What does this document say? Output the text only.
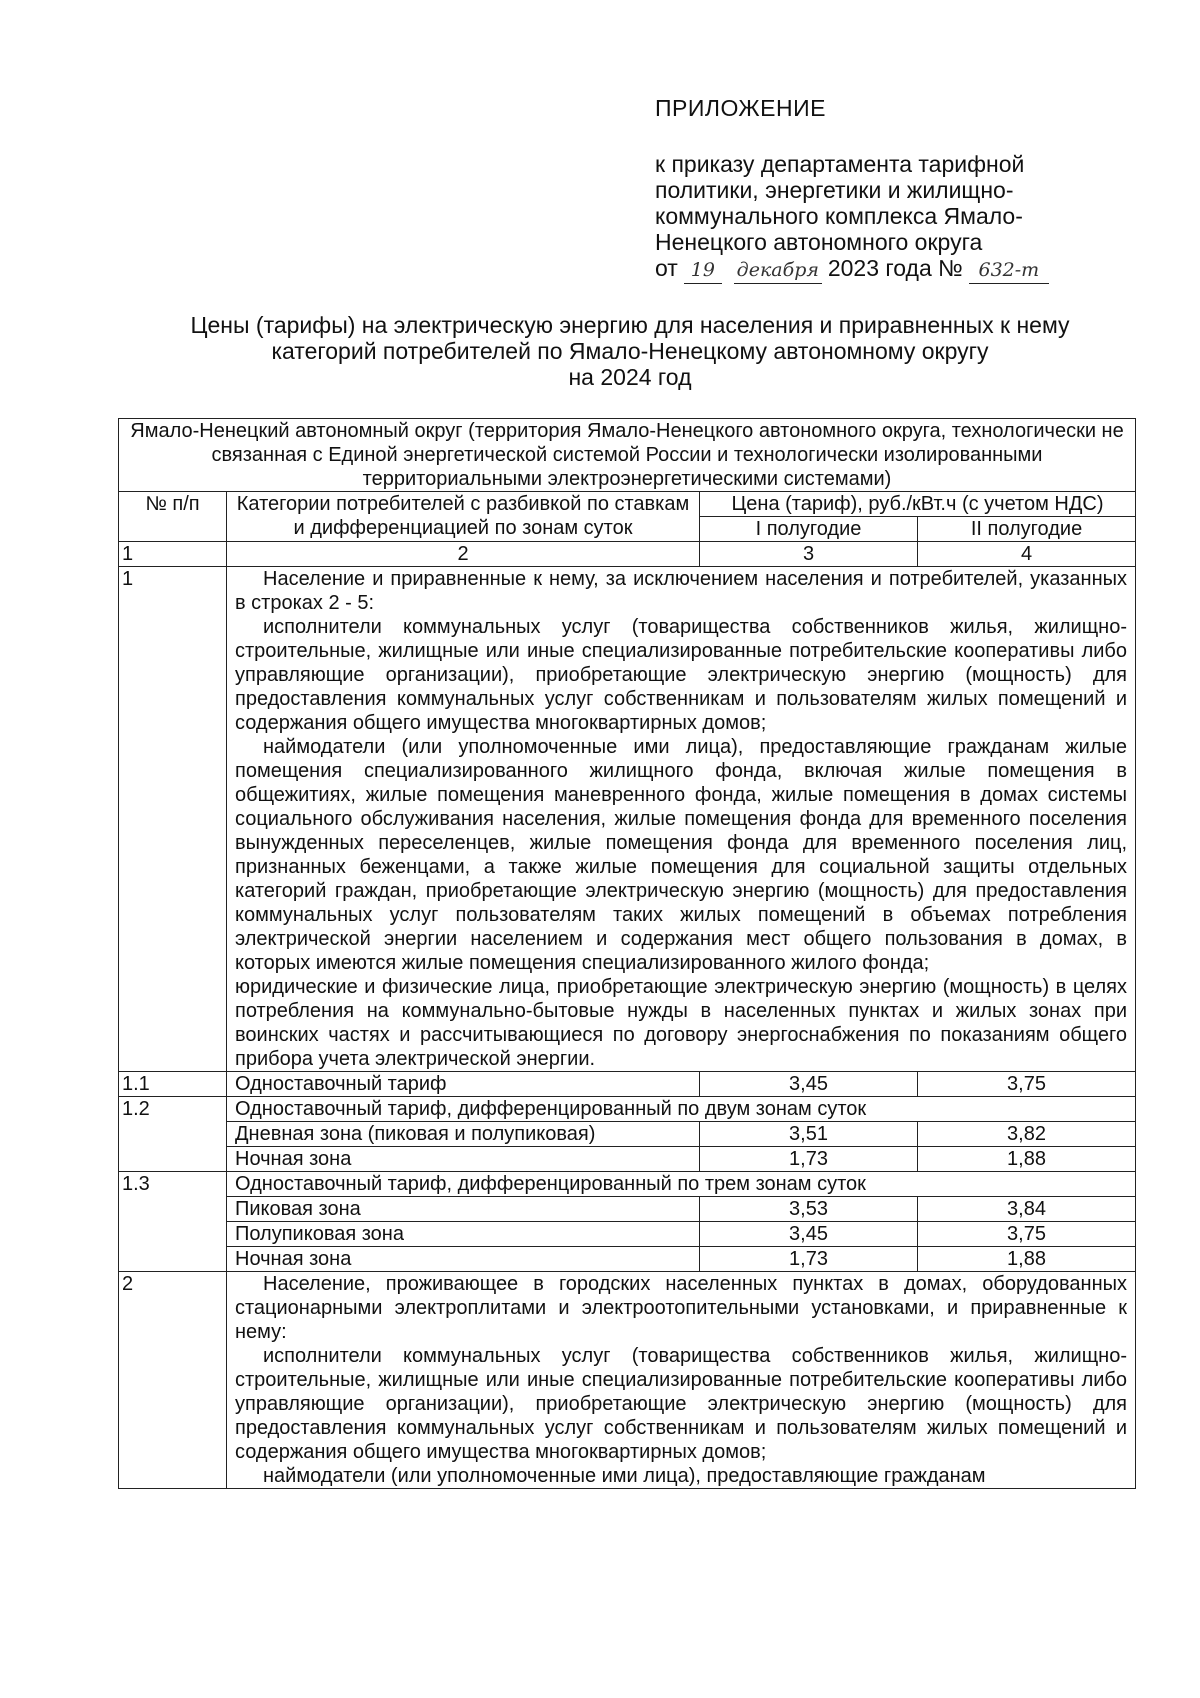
ПРИЛОЖЕНИЕ
к приказу департамента тарифной
политики, энергетики и жилищно-
коммунального комплекса Ямало-
Ненецкого автономного округа
от 19 декабря 2023 года № 632-т
Цены (тарифы) на электрическую энергию для населения и приравненных к нему
категорий потребителей по Ямало-Ненецкому автономному округу
на 2024 год
Ямало-Ненецкий автономный округ (территория Ямало-Ненецкого автономного округа, технологически не связанная с Единой энергетической системой России и технологически изолированными территориальными электроэнергетическими системами)			
№ п/п	Категории потребителей с разбивкой по ставкам и дифференциацией по зонам суток	Цена (тариф), руб./кВт.ч (с учетом НДС)	
		I полугодие	II полугодие
1	2	3	4
1	Население и приравненные к нему, за исключением населения и потребителей, указанных в строках 2 - 5:

исполнители коммунальных услуг (товарищества собственников жилья, жилищно-строительные, жилищные или иные специализированные потребительские кооперативы либо управляющие организации), приобретающие электрическую энергию (мощность) для предоставления коммунальных услуг собственникам и пользователям жилых помещений и содержания общего имущества многоквартирных домов;

наймодатели (или уполномоченные ими лица), предоставляющие гражданам жилые помещения специализированного жилищного фонда, включая жилые помещения в общежитиях, жилые помещения маневренного фонда, жилые помещения в домах системы социального обслуживания населения, жилые помещения фонда для временного поселения вынужденных переселенцев, жилые помещения фонда для временного поселения лиц, признанных беженцами, а также жилые помещения для социальной защиты отдельных категорий граждан, приобретающие электрическую энергию (мощность) для предоставления коммунальных услуг пользователям таких жилых помещений в объемах потребления электрической энергии населением и содержания мест общего пользования в домах, в которых имеются жилые помещения специализированного жилого фонда;

юридические и физические лица, приобретающие электрическую энергию (мощность) в целях потребления на коммунально-бытовые нужды в населенных пунктах и жилых зонах при воинских частях и рассчитывающиеся по договору энергоснабжения по показаниям общего прибора учета электрической энергии.		

1.1	Одноставочный тариф	3,45	3,75
1.2	Одноставочный тариф, дифференцированный по двум зонам суток		
	Дневная зона (пиковая и полупиковая)	3,51	3,82
	Ночная зона	1,73	1,88
1.3	Одноставочный тариф, дифференцированный по трем зонам суток		
	Пиковая зона	3,53	3,84
	Полупиковая зона	3,45	3,75
	Ночная зона	1,73	1,88
2	Население, проживающее в городских населенных пунктах в домах, оборудованных стационарными электроплитами и электроотопительными установками, и приравненные к нему:

исполнители коммунальных услуг (товарищества собственников жилья, жилищно-строительные, жилищные или иные специализированные потребительские кооперативы либо управляющие организации), приобретающие электрическую энергию (мощность) для предоставления коммунальных услуг собственникам и пользователям жилых помещений и содержания общего имущества многоквартирных домов;

наймодатели (или уполномоченные ими лица), предоставляющие гражданам		
